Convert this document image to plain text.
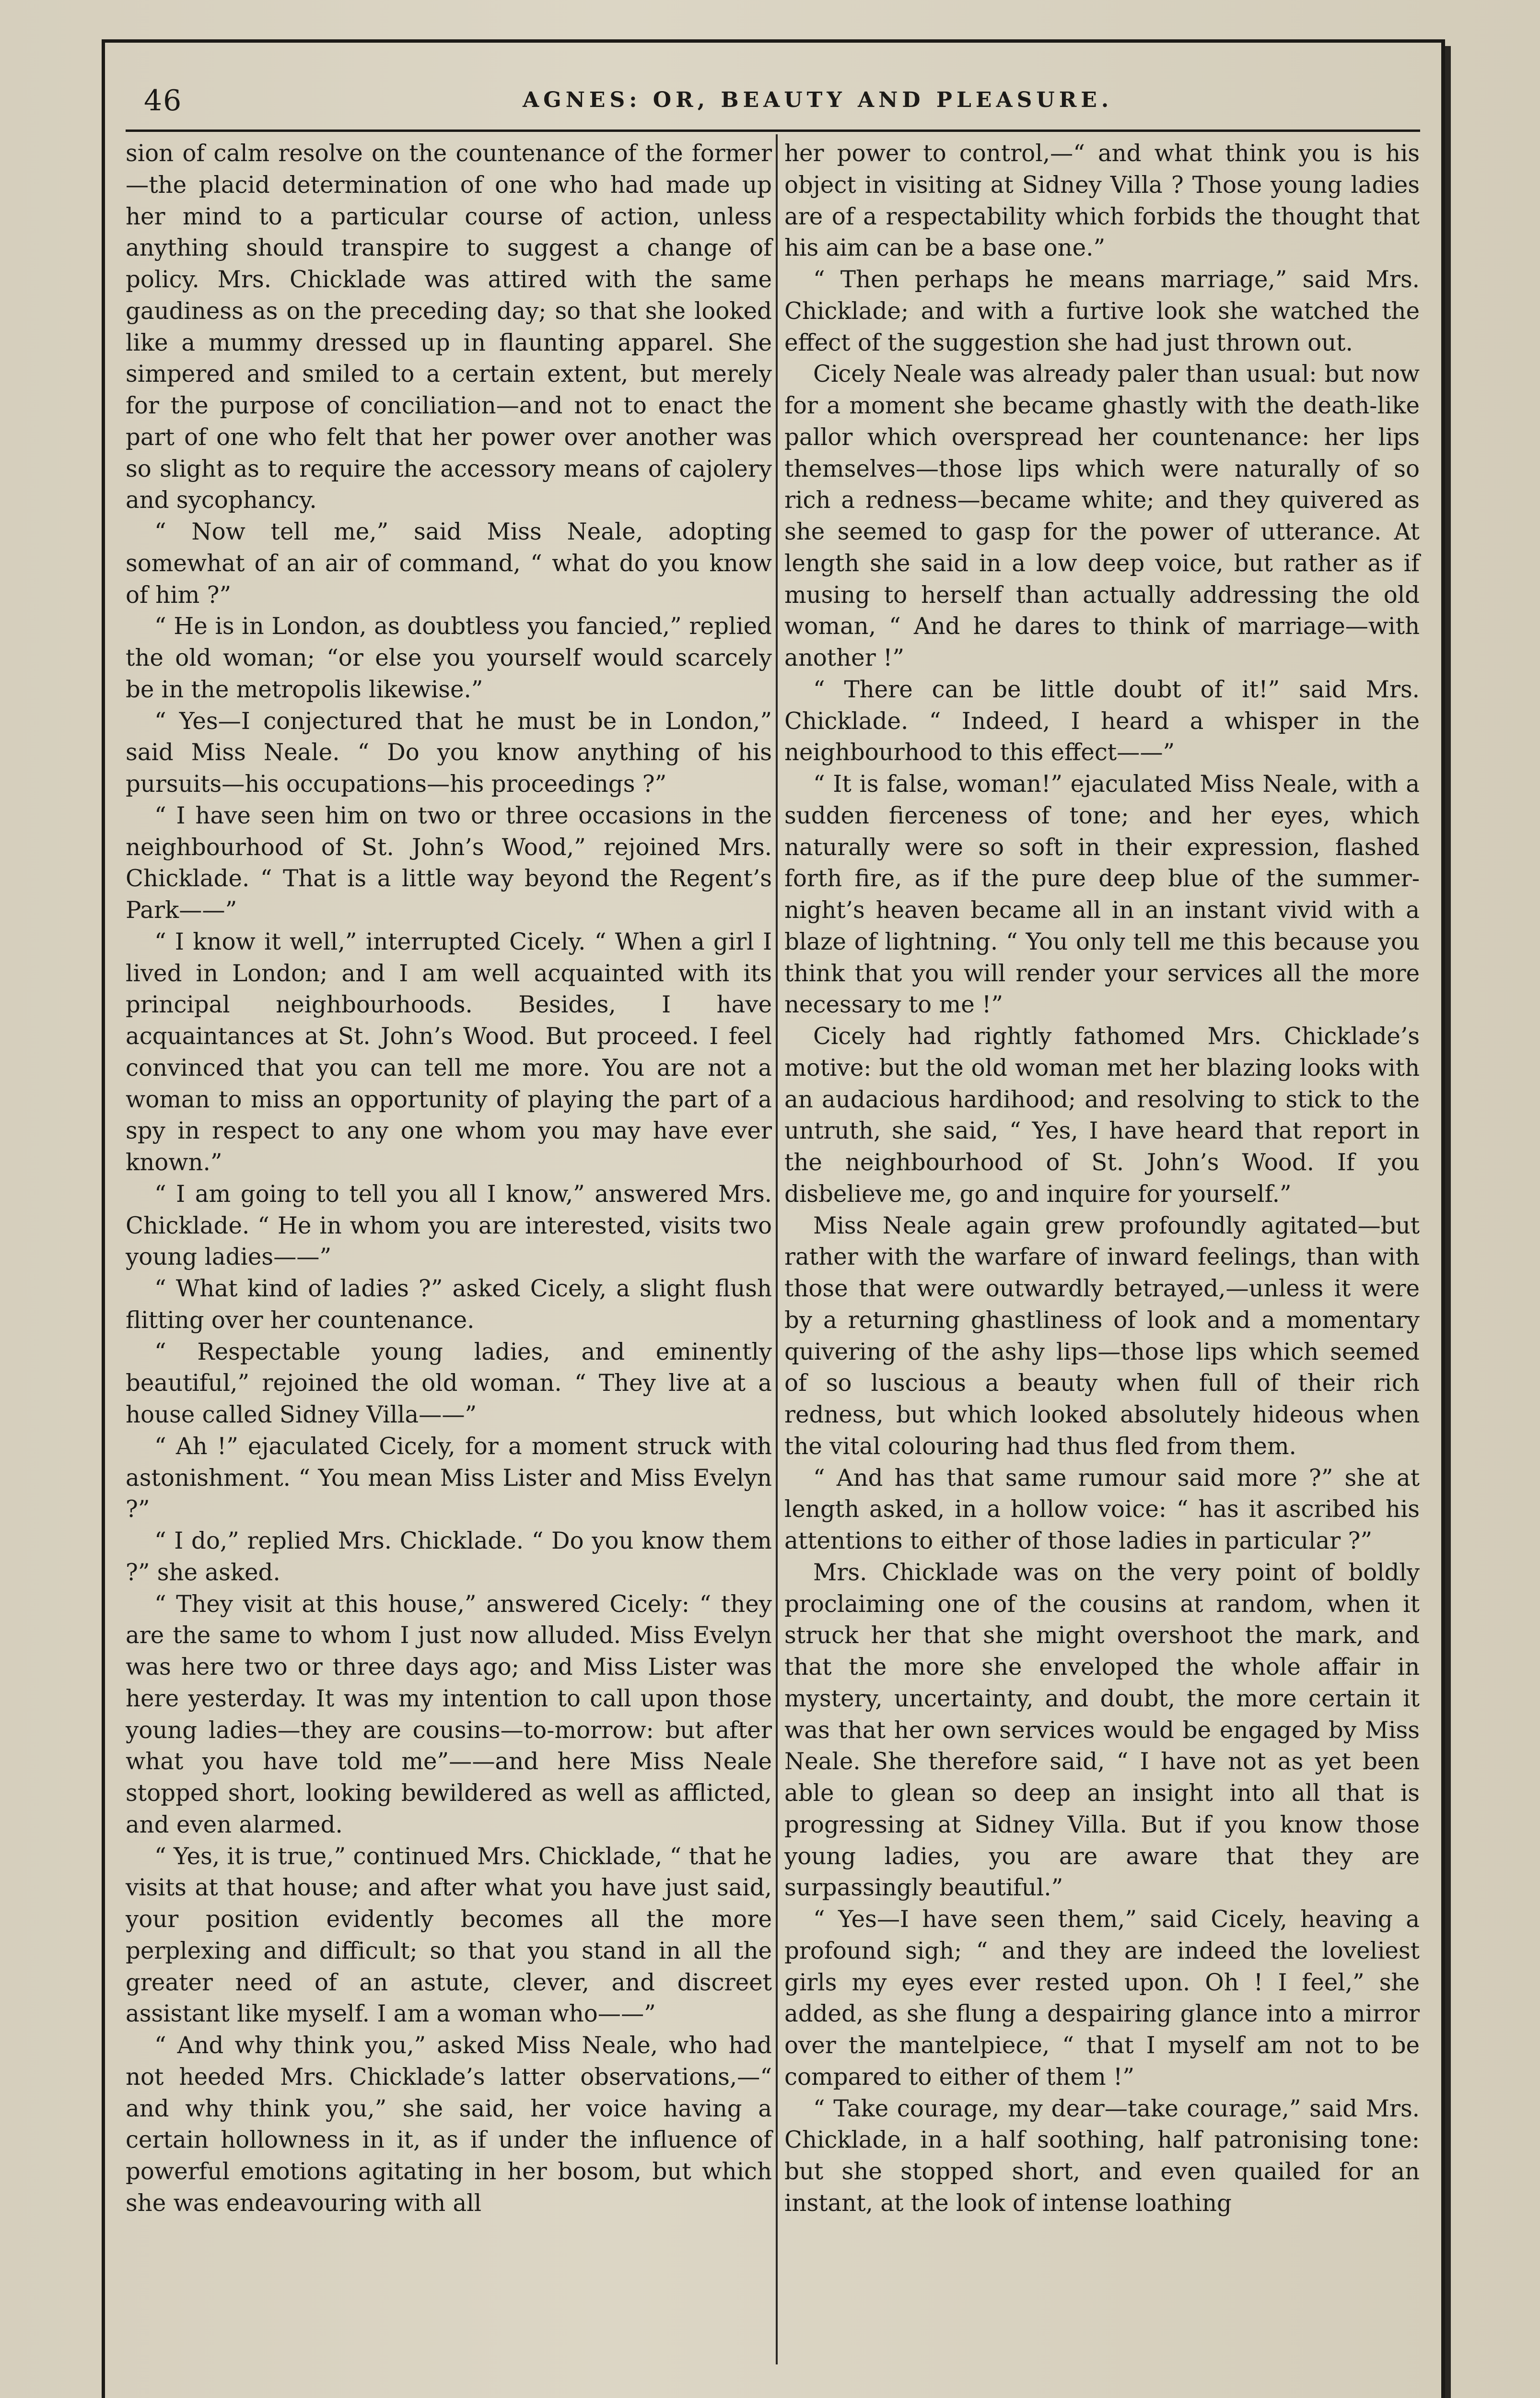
46	AGNES: OR, BEAUTY AND PLEASURE.

sion of calm resolve on the countenance of the former—the placid determination of one who had made up her mind to a particular course of action, unless anything should transpire to suggest a change of policy. Mrs. Chicklade was attired with the same gaudiness as on the preceding day; so that she looked like a mummy dressed up in flaunting apparel. She simpered and smiled to a certain extent, but merely for the purpose of conciliation—and not to enact the part of one who felt that her power over another was so slight as to require the accessory means of cajolery and sycophancy.

“ Now tell me,” said Miss Neale, adopting somewhat of an air of command, “ what do you know of him ?”

“ He is in London, as doubtless you fancied,” replied the old woman; “or else you yourself would scarcely be in the metropolis likewise.”

“ Yes—I conjectured that he must be in London,” said Miss Neale. “ Do you know anything of his pursuits—his occupations—his proceedings ?”

“ I have seen him on two or three occasions in the neighbourhood of St. John’s Wood,” rejoined Mrs. Chicklade. “ That is a little way beyond the Regent’s Park——”

“ I know it well,” interrupted Cicely. “ When a girl I lived in London; and I am well acquainted with its principal neighbourhoods. Besides, I have acquaintances at St. John’s Wood. But proceed. I feel convinced that you can tell me more. You are not a woman to miss an opportunity of playing the part of a spy in respect to any one whom you may have ever known.”

“ I am going to tell you all I know,” answered Mrs. Chicklade. “ He in whom you are interested, visits two young ladies——”

“ What kind of ladies ?” asked Cicely, a slight flush flitting over her countenance.

“ Respectable young ladies, and eminently beautiful,” rejoined the old woman. “ They live at a house called Sidney Villa——”

“ Ah !” ejaculated Cicely, for a moment struck with astonishment. “ You mean Miss Lister and Miss Evelyn ?”

“ I do,” replied Mrs. Chicklade. “ Do you know them ?” she asked.

“ They visit at this house,” answered Cicely: “ they are the same to whom I just now alluded. Miss Evelyn was here two or three days ago; and Miss Lister was here yesterday. It was my intention to call upon those young ladies—they are cousins—to-morrow: but after what you have told me”——and here Miss Neale stopped short, looking bewildered as well as afflicted, and even alarmed.

“ Yes, it is true,” continued Mrs. Chicklade, “ that he visits at that house; and after what you have just said, your position evidently becomes all the more perplexing and difficult; so that you stand in all the greater need of an astute, clever, and discreet assistant like myself. I am a woman who——”

“ And why think you,” asked Miss Neale, who had not heeded Mrs. Chicklade’s latter observations,—“ and why think you,” she said, her voice having a certain hollowness in it, as if under the influence of powerful emotions agitating in her bosom, but which she was endeavouring with all

her power to control,—“ and what think you is his object in visiting at Sidney Villa ? Those young ladies are of a respectability which forbids the thought that his aim can be a base one.”

“ Then perhaps he means marriage,” said Mrs. Chicklade; and with a furtive look she watched the effect of the suggestion she had just thrown out.

Cicely Neale was already paler than usual: but now for a moment she became ghastly with the death-like pallor which overspread her countenance: her lips themselves—those lips which were naturally of so rich a redness—became white; and they quivered as she seemed to gasp for the power of utterance. At length she said in a low deep voice, but rather as if musing to herself than actually addressing the old woman, “ And he dares to think of marriage—with another !”

“ There can be little doubt of it!” said Mrs. Chicklade. “ Indeed, I heard a whisper in the neighbourhood to this effect——”

“ It is false, woman!” ejaculated Miss Neale, with a sudden fierceness of tone; and her eyes, which naturally were so soft in their expression, flashed forth fire, as if the pure deep blue of the summer-night’s heaven became all in an instant vivid with a blaze of lightning. “ You only tell me this because you think that you will render your services all the more necessary to me !”

Cicely had rightly fathomed Mrs. Chicklade’s motive: but the old woman met her blazing looks with an audacious hardihood; and resolving to stick to the untruth, she said, “ Yes, I have heard that report in the neighbourhood of St. John’s Wood. If you disbelieve me, go and inquire for yourself.”

Miss Neale again grew profoundly agitated—but rather with the warfare of inward feelings, than with those that were outwardly betrayed,—unless it were by a returning ghastliness of look and a momentary quivering of the ashy lips—those lips which seemed of so luscious a beauty when full of their rich redness, but which looked absolutely hideous when the vital colouring had thus fled from them.

“ And has that same rumour said more ?” she at length asked, in a hollow voice: “ has it ascribed his attentions to either of those ladies in particular ?”

Mrs. Chicklade was on the very point of boldly proclaiming one of the cousins at random, when it struck her that she might overshoot the mark, and that the more she enveloped the whole affair in mystery, uncertainty, and doubt, the more certain it was that her own services would be engaged by Miss Neale. She therefore said, “ I have not as yet been able to glean so deep an insight into all that is progressing at Sidney Villa. But if you know those young ladies, you are aware that they are surpassingly beautiful.”

“ Yes—I have seen them,” said Cicely, heaving a profound sigh; “ and they are indeed the loveliest girls my eyes ever rested upon. Oh ! I feel,” she added, as she flung a despairing glance into a mirror over the mantelpiece, “ that I myself am not to be compared to either of them !”

“ Take courage, my dear—take courage,” said Mrs. Chicklade, in a half soothing, half patronising tone: but she stopped short, and even quailed for an instant, at the look of intense loathing
